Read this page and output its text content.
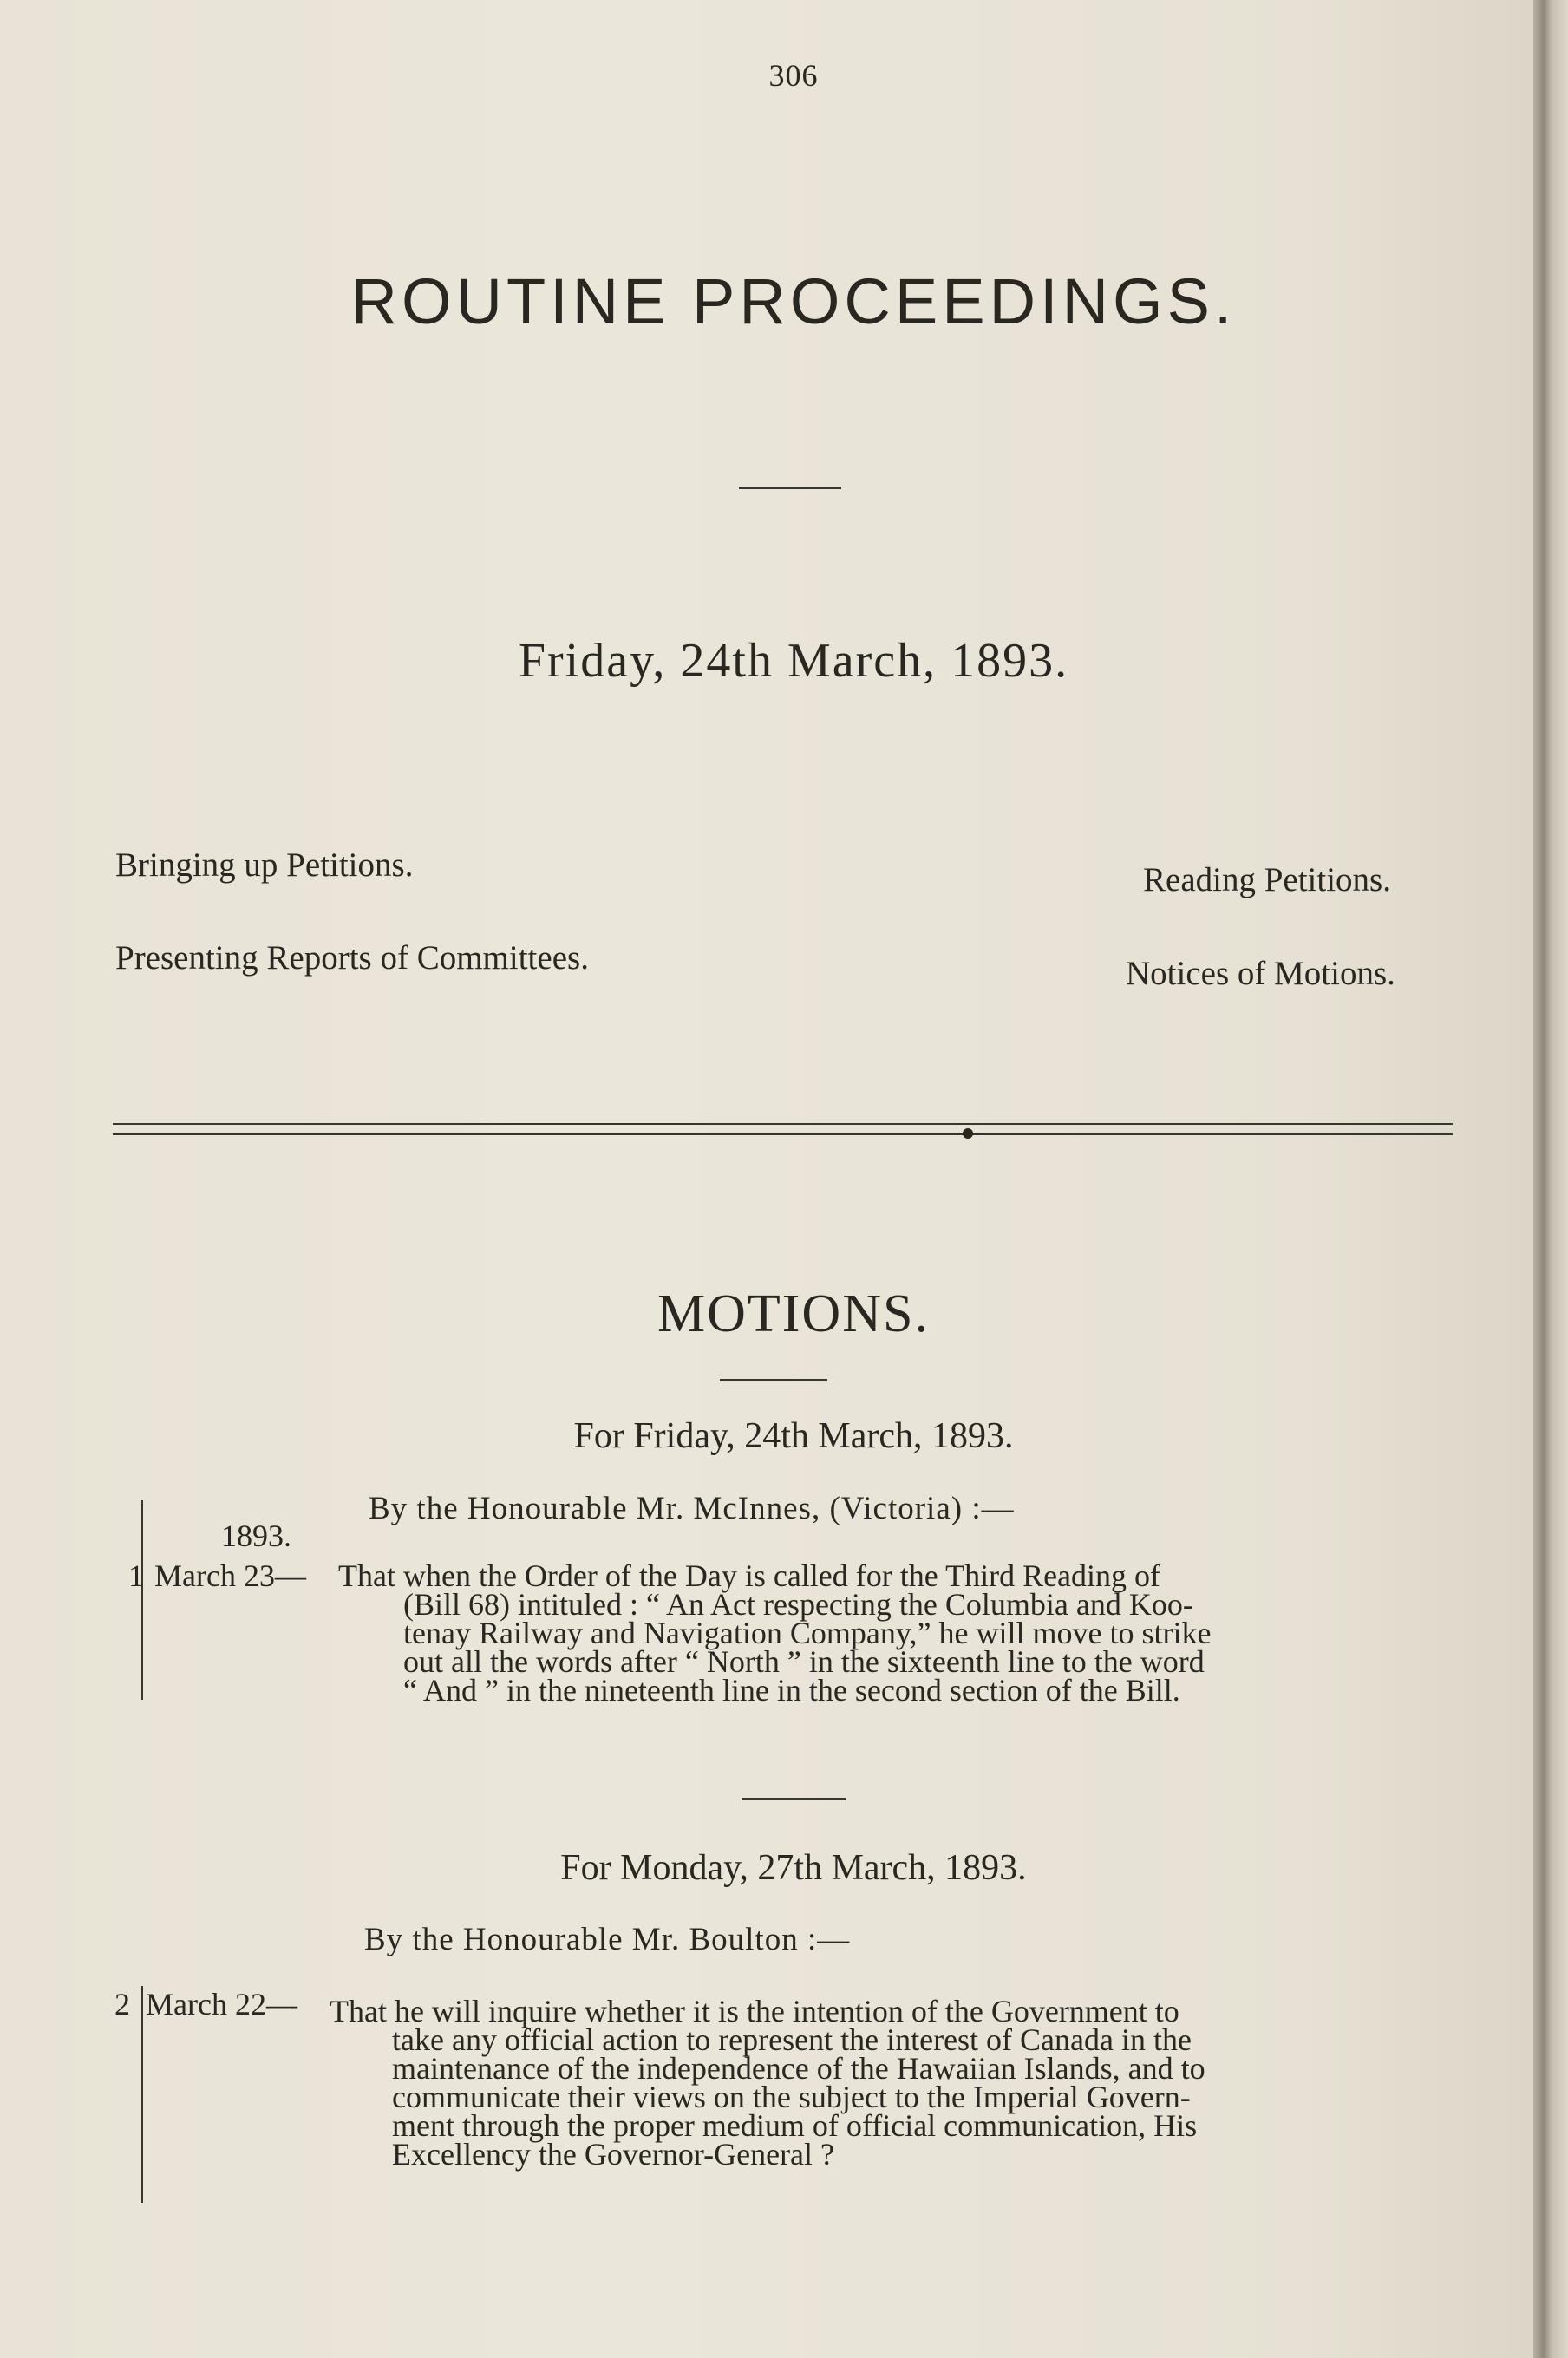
306
ROUTINE PROCEEDINGS.
Friday, 24th March, 1893.
Bringing up Petitions.	Reading Petitions.
Presenting Reports of Committees.	Notices of Motions.
MOTIONS.
For Friday, 24th March, 1893.
By the Honourable Mr. McInnes, (Victoria) :—
1893.
1 March 23— That when the Order of the Day is called for the Third Reading of
(Bill 68) intituled : “ An Act respecting the Columbia and Koo-
tenay Railway and Navigation Company,” he will move to strike
out all the words after “ North ” in the sixteenth line to the word
“ And ” in the nineteenth line in the second section of the Bill.
For Monday, 27th March, 1893.
By the Honourable Mr. Boulton :—
2 March 22— That he will inquire whether it is the intention of the Government to
take any official action to represent the interest of Canada in the
maintenance of the independence of the Hawaiian Islands, and to
communicate their views on the subject to the Imperial Govern-
ment through the proper medium of official communication, His
Excellency the Governor-General ?
